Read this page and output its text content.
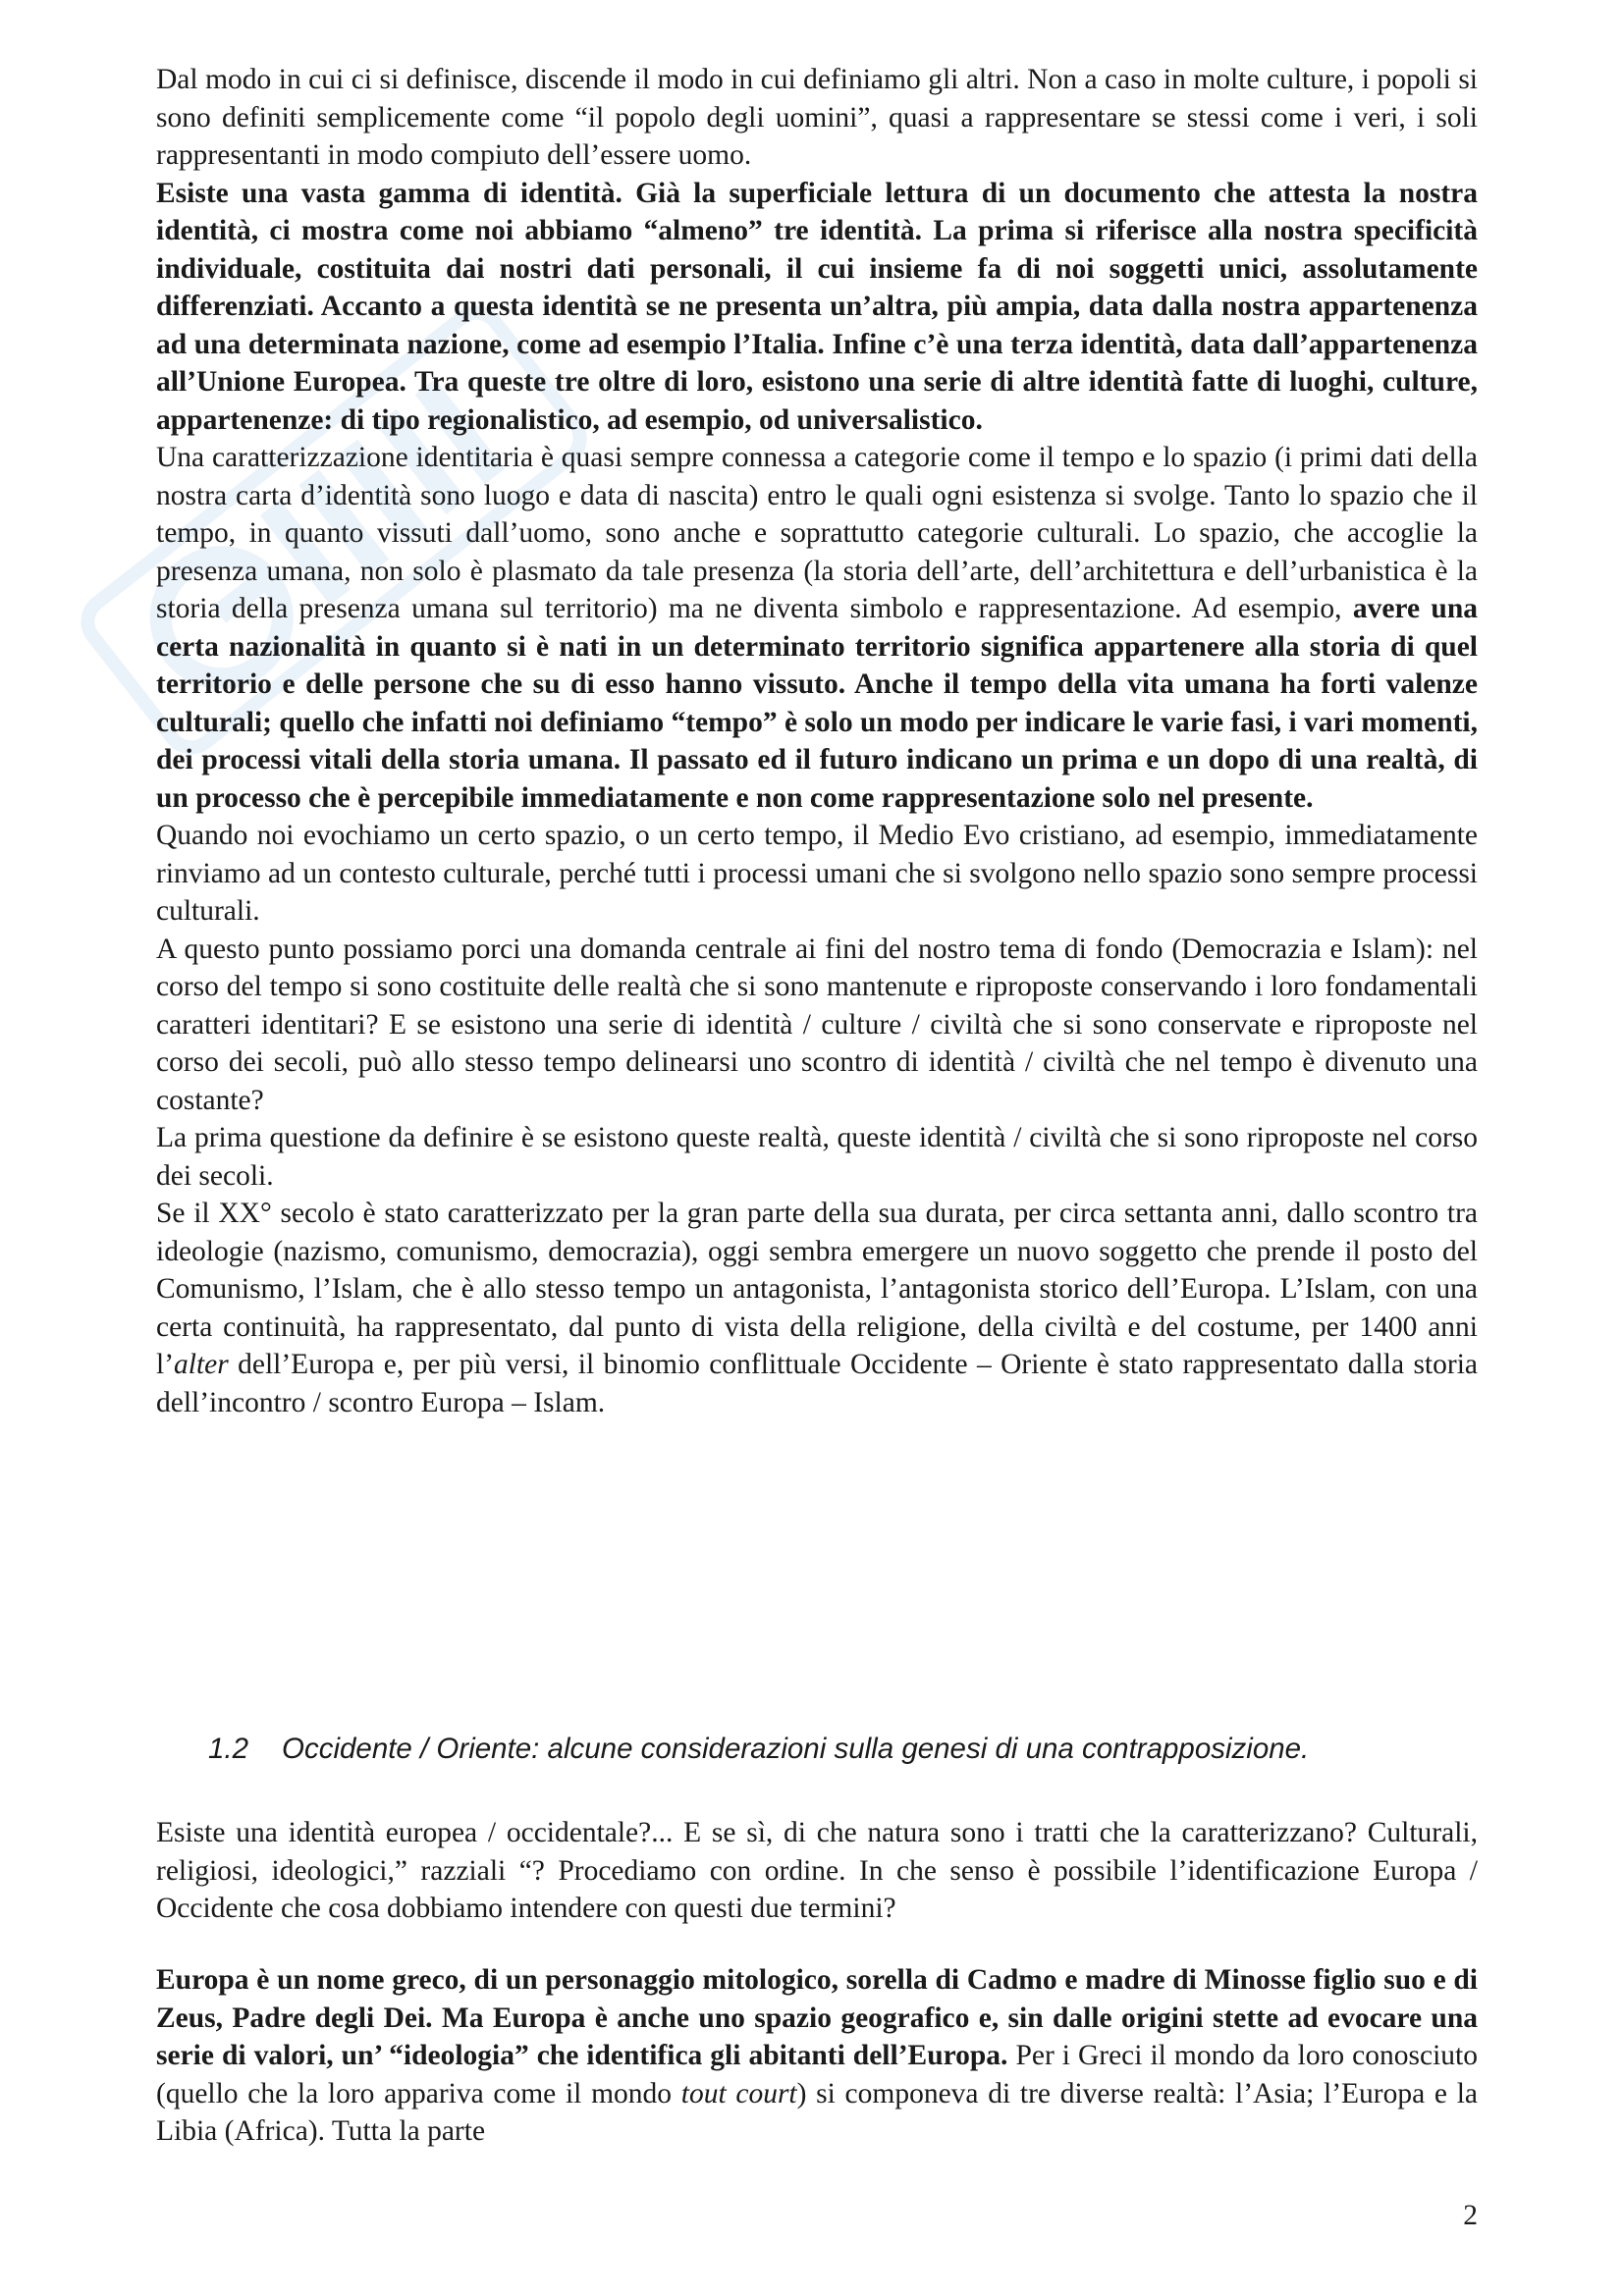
Dal modo in cui ci si definisce, discende il modo in cui definiamo gli altri. Non a caso in molte culture, i popoli si sono definiti semplicemente come “il popolo degli uomini”, quasi a rappresentare se stessi come i veri, i soli rappresentanti in modo compiuto dell’essere uomo.

Esiste una vasta gamma di identità. Già la superficiale lettura di un documento che attesta la nostra identità, ci mostra come noi abbiamo “almeno” tre identità. La prima si riferisce alla nostra specificità individuale, costituita dai nostri dati personali, il cui insieme fa di noi soggetti unici, assolutamente differenziati. Accanto a questa identità se ne presenta un’altra, più ampia, data dalla nostra appartenenza ad una determinata nazione, come ad esempio l’Italia. Infine c’è una terza identità, data dall’appartenenza all’Unione Europea. Tra queste tre oltre di loro, esistono una serie di altre identità fatte di luoghi, culture, appartenenze: di tipo regionalistico, ad esempio, od universalistico.

Una caratterizzazione identitaria è quasi sempre connessa a categorie come il tempo e lo spazio (i primi dati della nostra carta d’identità sono luogo e data di nascita) entro le quali ogni esistenza si svolge. Tanto lo spazio che il tempo, in quanto vissuti dall’uomo, sono anche e soprattutto categorie culturali. Lo spazio, che accoglie la presenza umana, non solo è plasmato da tale presenza (la storia dell’arte, dell’architettura e dell’urbanistica è la storia della presenza umana sul territorio) ma ne diventa simbolo e rappresentazione. Ad esempio, avere una certa nazionalità in quanto si è nati in un determinato territorio significa appartenere alla storia di quel territorio e delle persone che su di esso hanno vissuto. Anche il tempo della vita umana ha forti valenze culturali; quello che infatti noi definiamo “tempo” è solo un modo per indicare le varie fasi, i vari momenti, dei processi vitali della storia umana. Il passato ed il futuro indicano un prima e un dopo di una realtà, di un processo che è percepibile immediatamente e non come rappresentazione solo nel presente.

Quando noi evochiamo un certo spazio, o un certo tempo, il Medio Evo cristiano, ad esempio, immediatamente rinviamo ad un contesto culturale, perché tutti i processi umani che si svolgono nello spazio sono sempre processi culturali.

A questo punto possiamo porci una domanda centrale ai fini del nostro tema di fondo (Democrazia e Islam): nel corso del tempo si sono costituite delle realtà che si sono mantenute e riproposte conservando i loro fondamentali caratteri identitari? E se esistono una serie di identità / culture / civiltà che si sono conservate e riproposte nel corso dei secoli, può allo stesso tempo delinearsi uno scontro di identità / civiltà che nel tempo è divenuto una costante?

La prima questione da definire è se esistono queste realtà, queste identità / civiltà che si sono riproposte nel corso dei secoli.

Se il XX° secolo è stato caratterizzato per la gran parte della sua durata, per circa settanta anni, dallo scontro tra ideologie (nazismo, comunismo, democrazia), oggi sembra emergere un nuovo soggetto che prende il posto del Comunismo, l’Islam, che è allo stesso tempo un antagonista, l’antagonista storico dell’Europa. L’Islam, con una certa continuità, ha rappresentato, dal punto di vista della religione, della civiltà e del costume, per 1400 anni l’alter dell’Europa e, per più versi, il binomio conflittuale Occidente – Oriente è stato rappresentato dalla storia dell’incontro / scontro Europa – Islam.

1.2 Occidente / Oriente: alcune considerazioni sulla genesi di una contrapposizione.

Esiste una identità europea / occidentale?... E se sì, di che natura sono i tratti che la caratterizzano? Culturali, religiosi, ideologici,” razziali “? Procediamo con ordine. In che senso è possibile l’identificazione Europa / Occidente che cosa dobbiamo intendere con questi due termini?

Europa è un nome greco, di un personaggio mitologico, sorella di Cadmo e madre di Minosse figlio suo e di Zeus, Padre degli Dei. Ma Europa è anche uno spazio geografico e, sin dalle origini stette ad evocare una serie di valori, un’ “ideologia” che identifica gli abitanti dell’Europa. Per i Greci il mondo da loro conosciuto (quello che la loro appariva come il mondo tout court) si componeva di tre diverse realtà: l’Asia; l’Europa e la Libia (Africa). Tutta la parte

2
